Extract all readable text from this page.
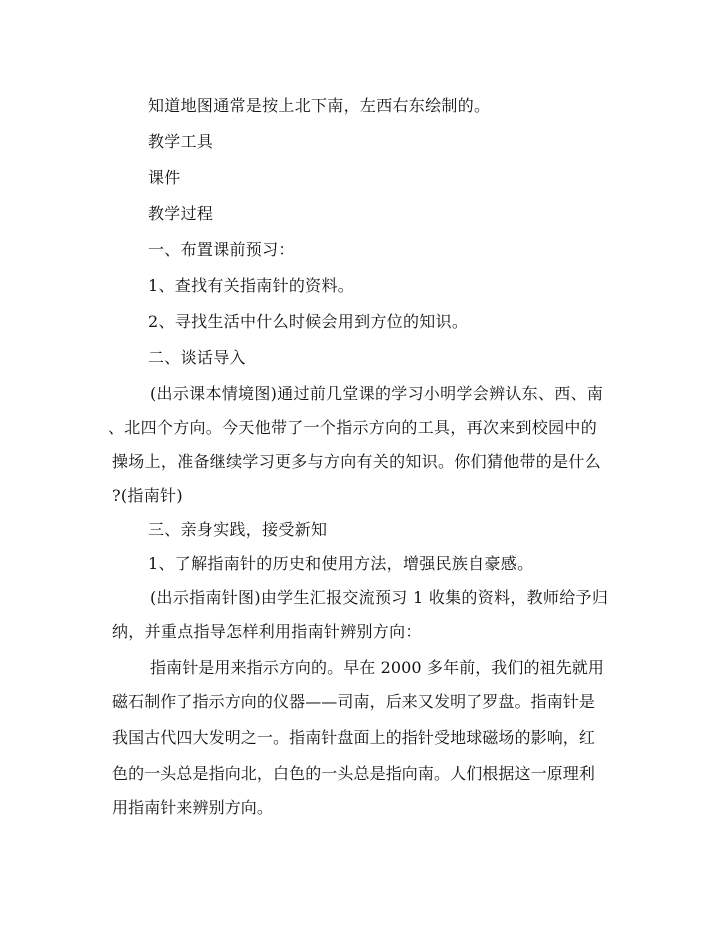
知道地图通常是按上北下南，左西右东绘制的。
教学工具
课件
教学过程
一、布置课前预习：
1、查找有关指南针的资料。
2、寻找生活中什么时候会用到方位的知识。
二、谈话导入
(出示课本情境图)通过前几堂课的学习小明学会辨认东、西、南
、北四个方向。今天他带了一个指示方向的工具，再次来到校园中的
操场上，准备继续学习更多与方向有关的知识。你们猜他带的是什么
?(指南针)
三、亲身实践，接受新知
1、了解指南针的历史和使用方法，增强民族自豪感。
(出示指南针图)由学生汇报交流预习 1 收集的资料，教师给予归
纳，并重点指导怎样利用指南针辨别方向：
指南针是用来指示方向的。早在 2000 多年前，我们的祖先就用
磁石制作了指示方向的仪器——司南，后来又发明了罗盘。指南针是
我国古代四大发明之一。指南针盘面上的指针受地球磁场的影响，红
色的一头总是指向北，白色的一头总是指向南。人们根据这一原理利
用指南针来辨别方向。
